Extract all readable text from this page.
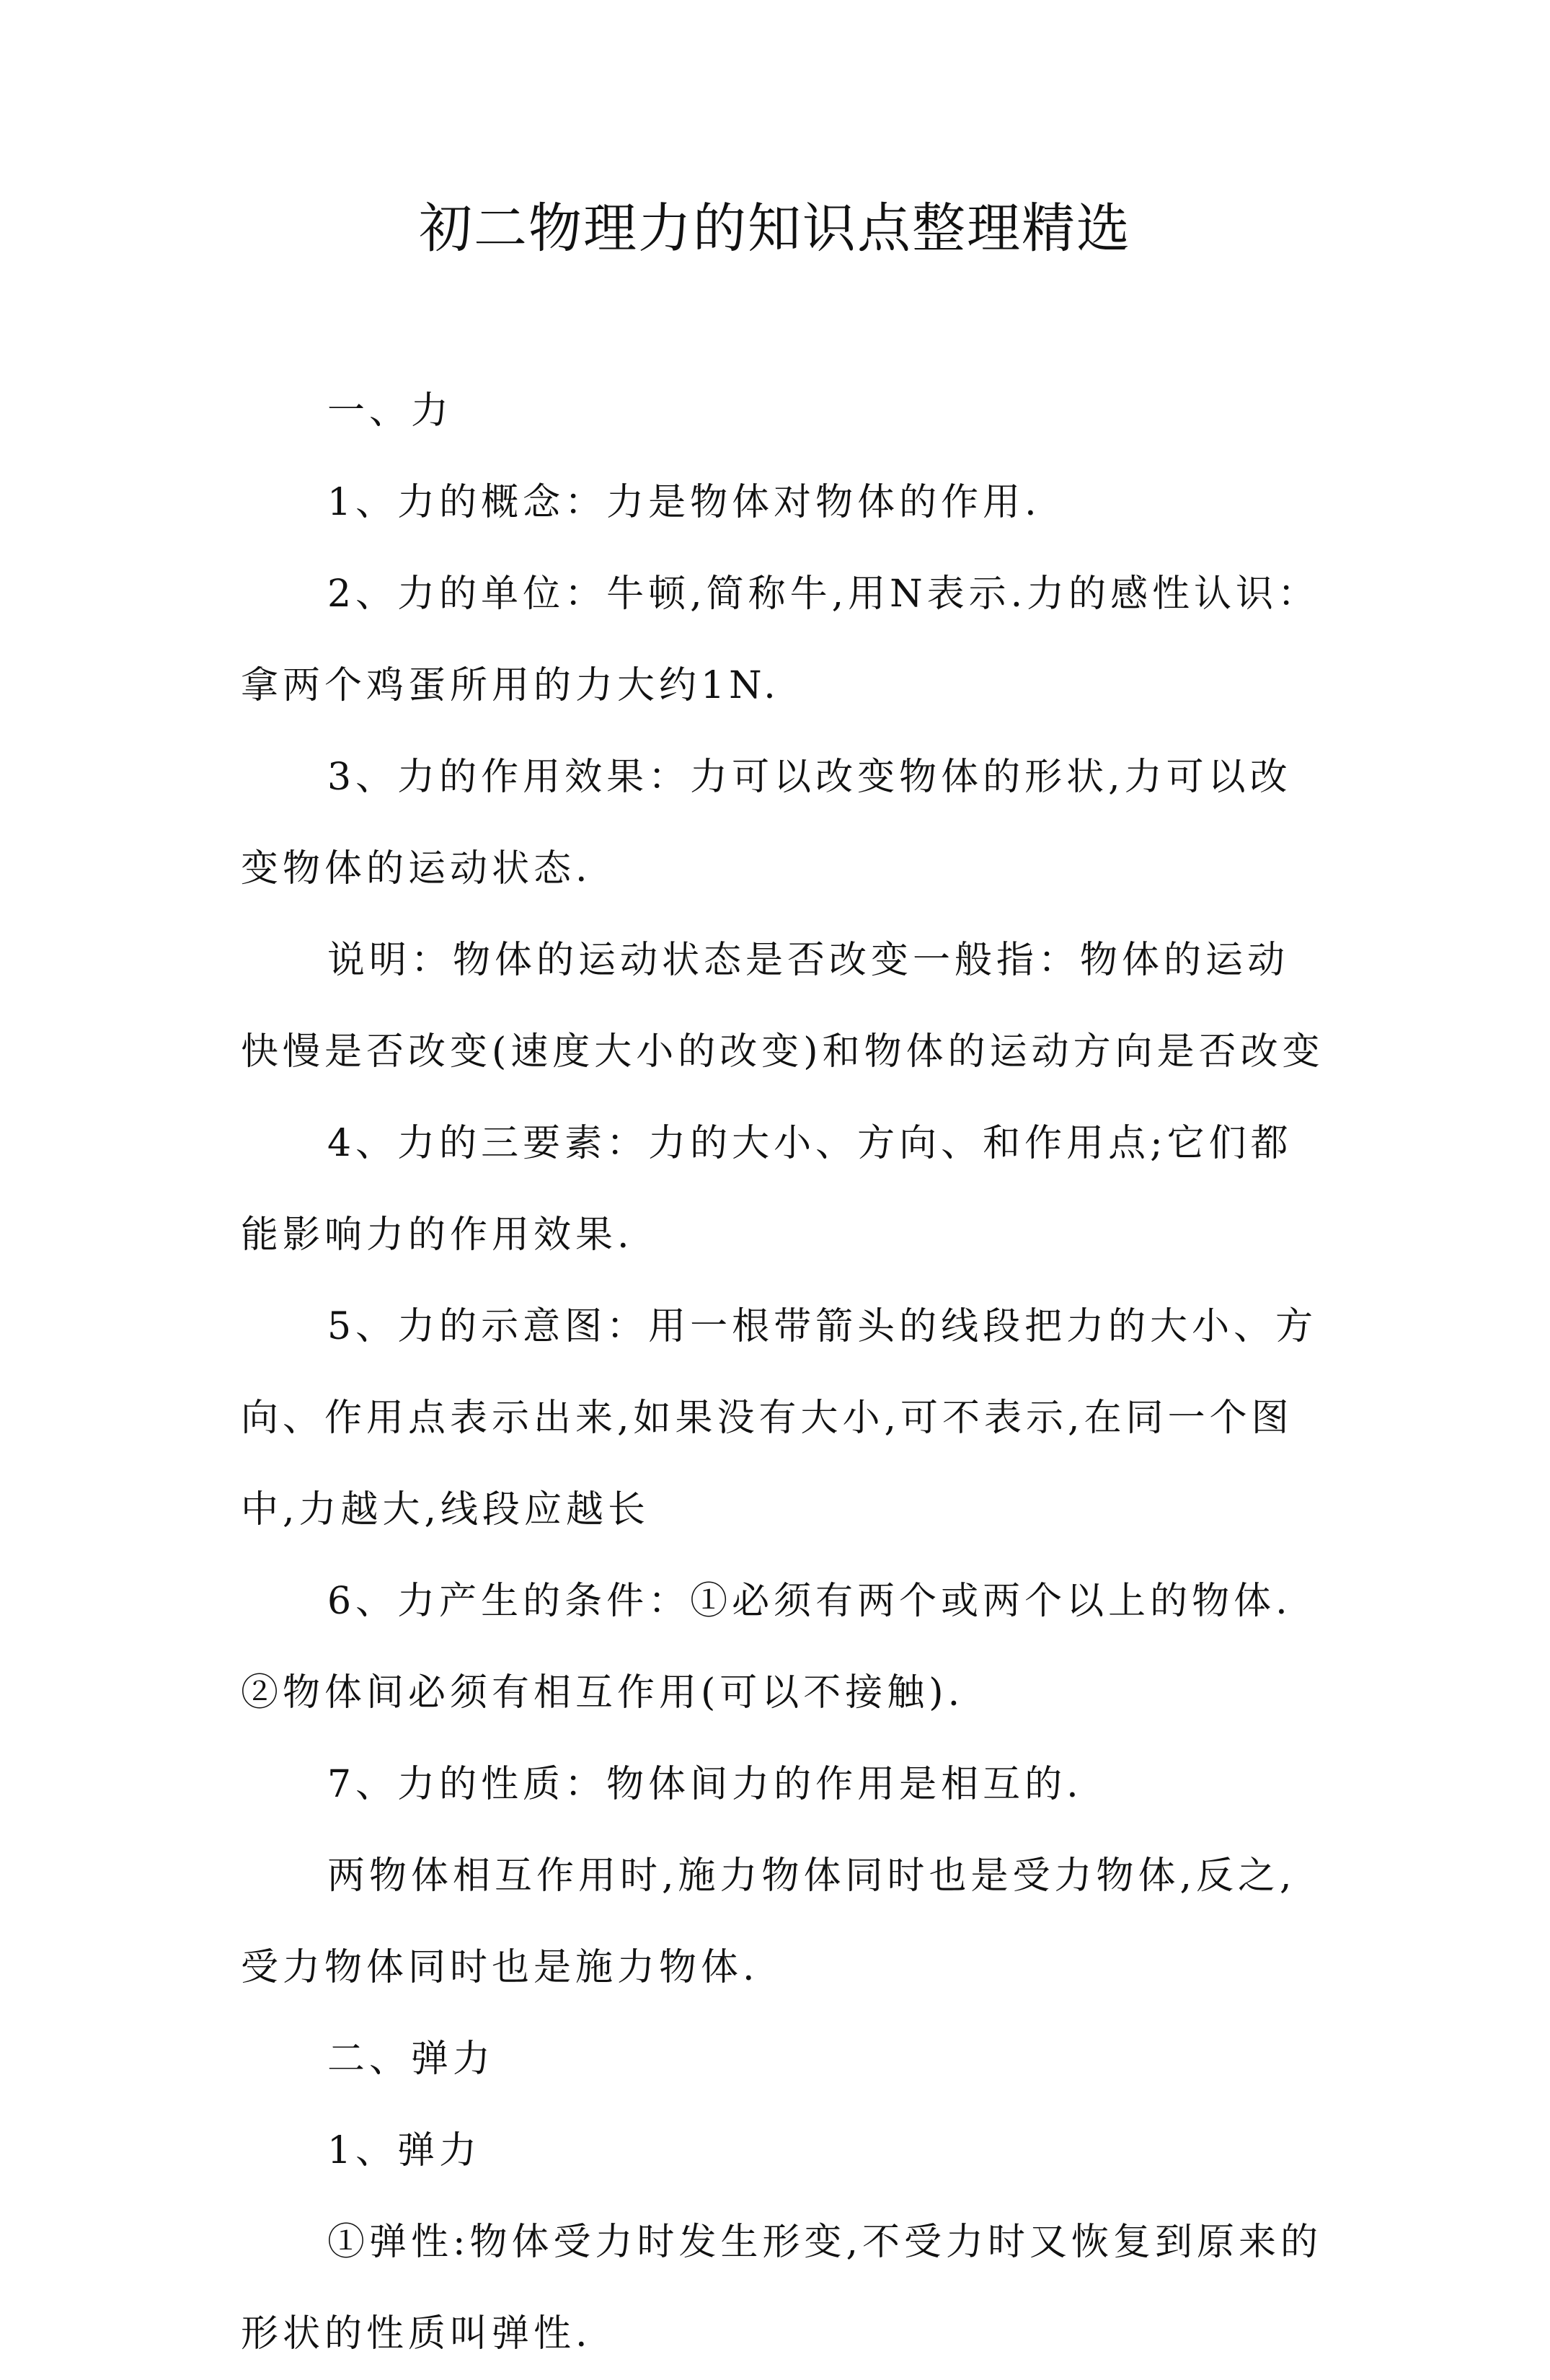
初二物理力的知识点整理精选

一、力

1、力的概念：力是物体对物体的作用.

2、力的单位：牛顿,简称牛,用N表示.力的感性认识：拿两个鸡蛋所用的力大约1N.

3、力的作用效果：力可以改变物体的形状,力可以改变物体的运动状态.

说明：物体的运动状态是否改变一般指：物体的运动快慢是否改变(速度大小的改变)和物体的运动方向是否改变

4、力的三要素：力的大小、方向、和作用点;它们都能影响力的作用效果.

5、力的示意图：用一根带箭头的线段把力的大小、方向、作用点表示出来,如果没有大小,可不表示,在同一个图中,力越大,线段应越长

6、力产生的条件：①必须有两个或两个以上的物体.②物体间必须有相互作用(可以不接触).

7、力的性质：物体间力的作用是相互的.

两物体相互作用时,施力物体同时也是受力物体,反之,受力物体同时也是施力物体.

二、弹力

1、弹力

①弹性:物体受力时发生形变,不受力时又恢复到原来的形状的性质叫弹性.
